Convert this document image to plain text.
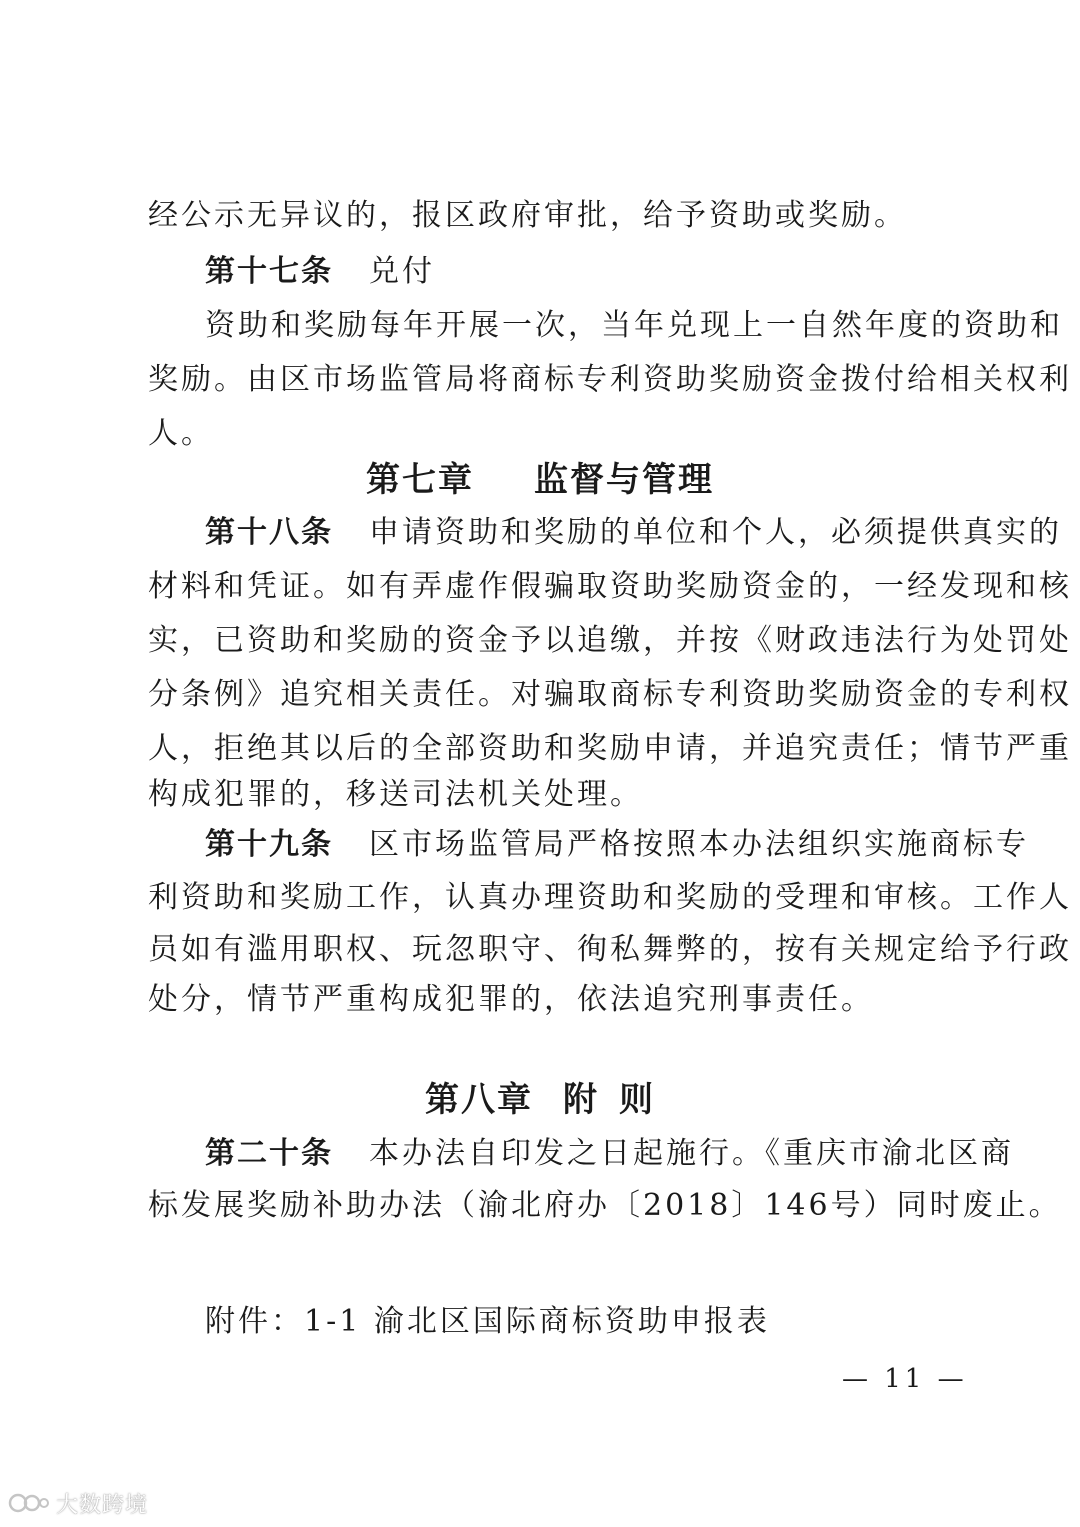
经公示无异议的，报区政府审批，给予资助或奖励。
第十七条 兑付
资助和奖励每年开展一次，当年兑现上一自然年度的资助和
奖励。由区市场监管局将商标专利资助奖励资金拨付给相关权利
人。
第七章 监督与管理
第十八条 申请资助和奖励的单位和个人，必须提供真实的
材料和凭证。如有弄虚作假骗取资助奖励资金的，一经发现和核
实，已资助和奖励的资金予以追缴，并按《财政违法行为处罚处
分条例》追究相关责任。对骗取商标专利资助奖励资金的专利权
人，拒绝其以后的全部资助和奖励申请，并追究责任；情节严重
构成犯罪的，移送司法机关处理。
第十九条 区市场监管局严格按照本办法组织实施商标专
利资助和奖励工作，认真办理资助和奖励的受理和审核。工作人
员如有滥用职权、玩忽职守、徇私舞弊的，按有关规定给予行政
处分，情节严重构成犯罪的，依法追究刑事责任。
第八章 附 则
第二十条 本办法自印发之日起施行。《重庆市渝北区商
标发展奖励补助办法（渝北府办〔2018〕146号）同时废止。
附件：1-1 渝北区国际商标资助申报表
— 11 —
大数跨境
